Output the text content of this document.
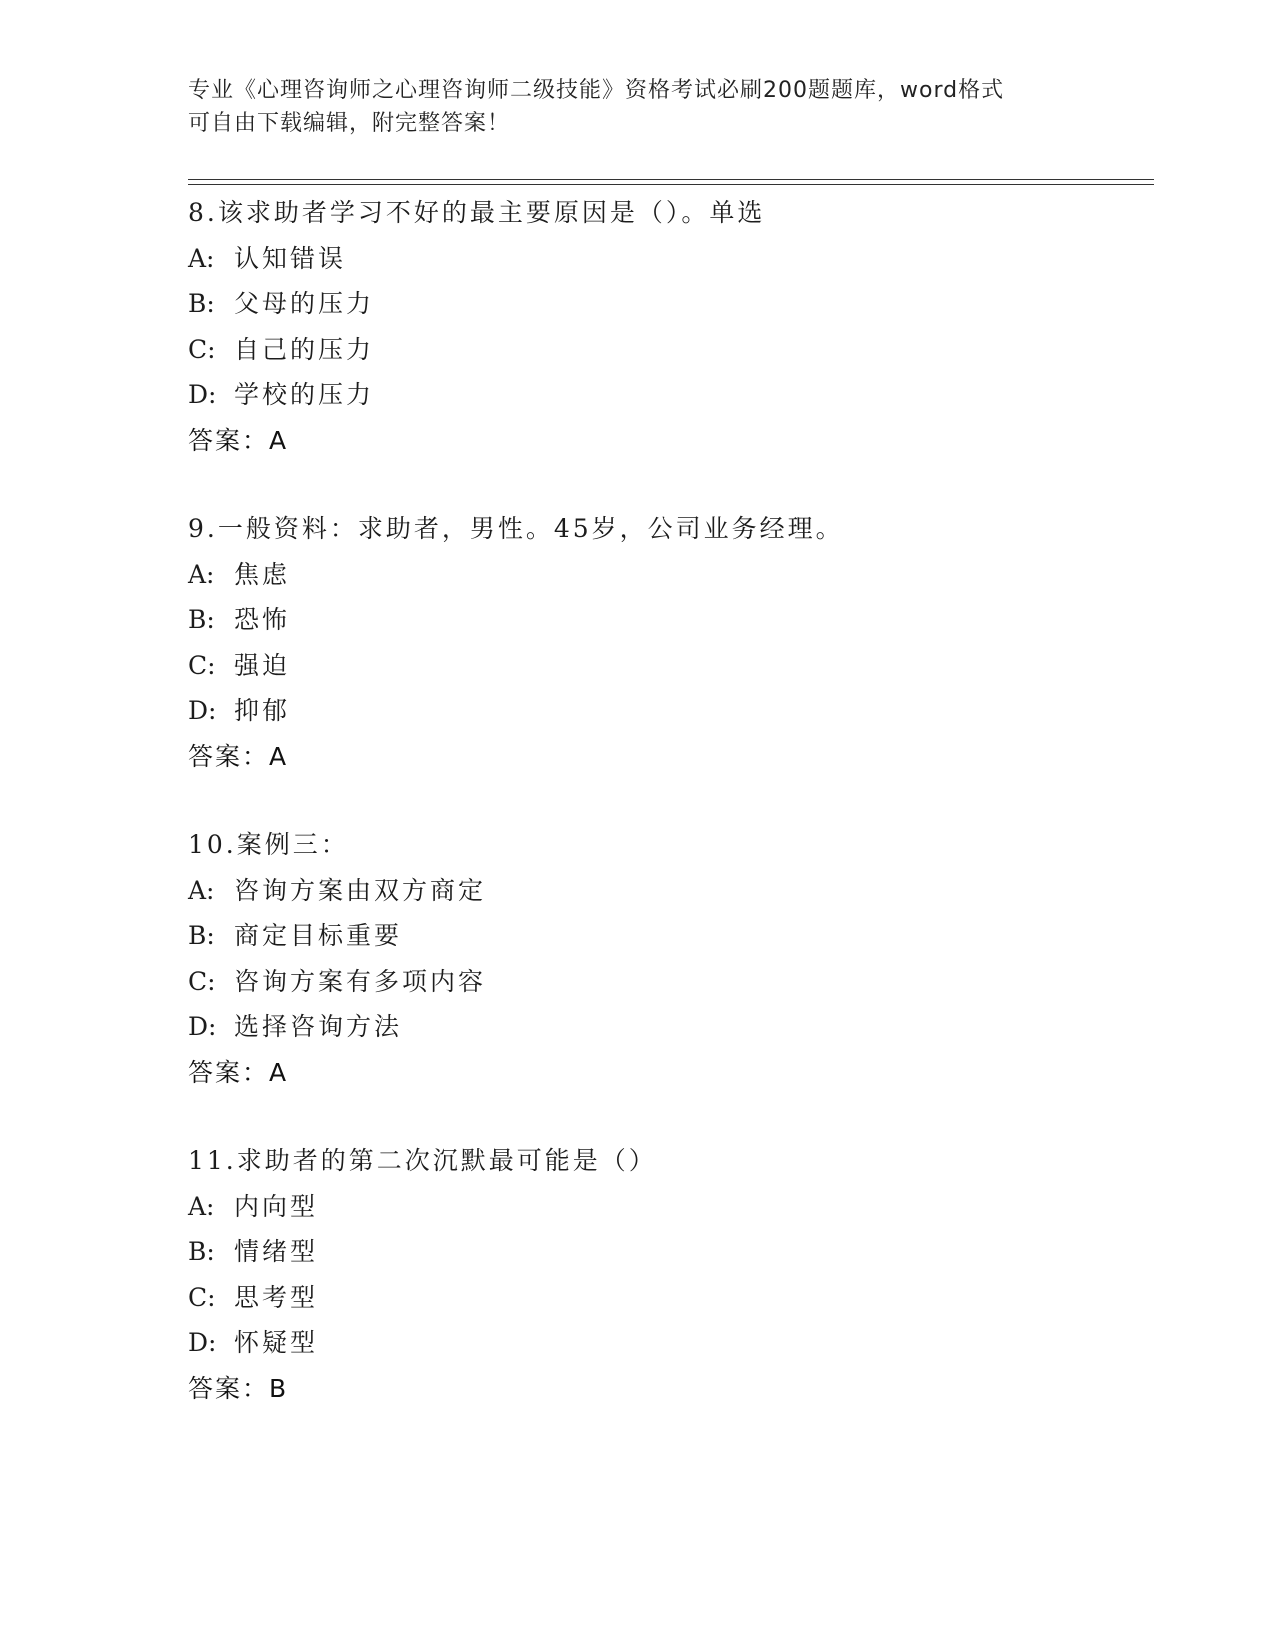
专业《心理咨询师之心理咨询师二级技能》资格考试必刷200题题库，word格式
可自由下载编辑，附完整答案！
8.该求助者学习不好的最主要原因是（）。单选
A: 认知错误
B: 父母的压力
C: 自己的压力
D: 学校的压力
答案：A
9.一般资料：求助者，男性。45岁，公司业务经理。
A: 焦虑
B: 恐怖
C: 强迫
D: 抑郁
答案：A
10.案例三：
A: 咨询方案由双方商定
B: 商定目标重要
C: 咨询方案有多项内容
D: 选择咨询方法
答案：A
11.求助者的第二次沉默最可能是（）
A: 内向型
B: 情绪型
C: 思考型
D: 怀疑型
答案：B
